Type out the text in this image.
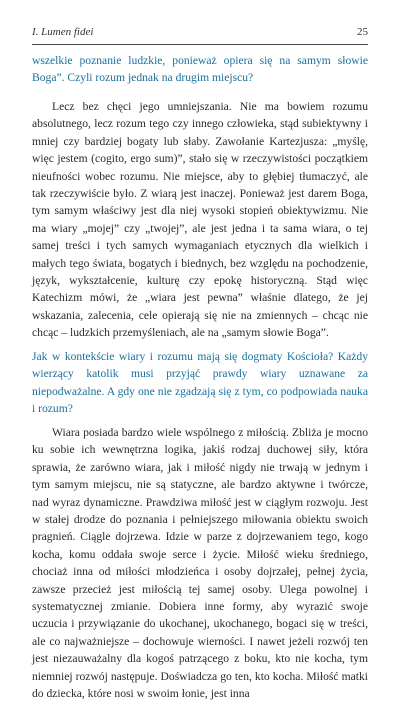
I. Lumen fidei	25

wszelkie poznanie ludzkie, ponieważ opiera się na samym słowie Boga”. Czyli rozum jednak na drugim miejscu?

Lecz bez chęci jego umniejszania. Nie ma bowiem rozumu absolutnego, lecz rozum tego czy innego człowieka, stąd subiektywny i mniej czy bardziej bogaty lub słaby. Zawołanie Kartezjusza: „myślę, więc jestem (cogito, ergo sum)”, stało się w rzeczywistości początkiem nieufności wobec rozumu. Nie miejsce, aby to głębiej tłumaczyć, ale tak rzeczywiście było. Z wiarą jest inaczej. Ponieważ jest darem Boga, tym samym właściwy jest dla niej wysoki stopień obiektywizmu. Nie ma wiary „mojej” czy „twojej”, ale jest jedna i ta sama wiara, o tej samej treści i tych samych wymaganiach etycznych dla wielkich i małych tego świata, bogatych i biednych, bez względu na pochodzenie, język, wykształcenie, kulturę czy epokę historyczną. Stąd więc Katechizm mówi, że „wiara jest pewna” właśnie dlatego, że jej wskazania, zalecenia, cele opierają się nie na zmiennych – chcąc nie chcąc – ludzkich przemyśleniach, ale na „samym słowie Boga”.

Jak w kontekście wiary i rozumu mają się dogmaty Kościoła? Każdy wierzący katolik musi przyjąć prawdy wiary uznawane za niepodważalne. A gdy one nie zgadzają się z tym, co podpowiada nauka i rozum?

Wiara posiada bardzo wiele wspólnego z miłością. Zbliża je mocno ku sobie ich wewnętrzna logika, jakiś rodzaj duchowej siły, która sprawia, że zarówno wiara, jak i miłość nigdy nie trwają w jednym i tym samym miejscu, nie są statyczne, ale bardzo aktywne i twórcze, nad wyraz dynamiczne. Prawdziwa miłość jest w ciągłym rozwoju. Jest w stałej drodze do poznania i pełniejszego miłowania obiektu swoich pragnień. Ciągle dojrzewa. Idzie w parze z dojrzewaniem tego, kogo kocha, komu oddała swoje serce i życie. Miłość wieku średniego, chociaż inna od miłości młodzieńca i osoby dojrzałej, pełnej życia, zawsze przecież jest miłością tej samej osoby. Ulega powolnej i systematycznej zmianie. Dobiera inne formy, aby wyrazić swoje uczucia i przywiązanie do ukochanej, ukochanego, bogaci się w treści, ale co najważniejsze – dochowuje wierności. I nawet jeżeli rozwój ten jest niezauważalny dla kogoś patrzącego z boku, kto nie kocha, tym niemniej rozwój następuje. Doświadcza go ten, kto kocha. Miłość matki do dziecka, które nosi w swoim łonie, jest inna
